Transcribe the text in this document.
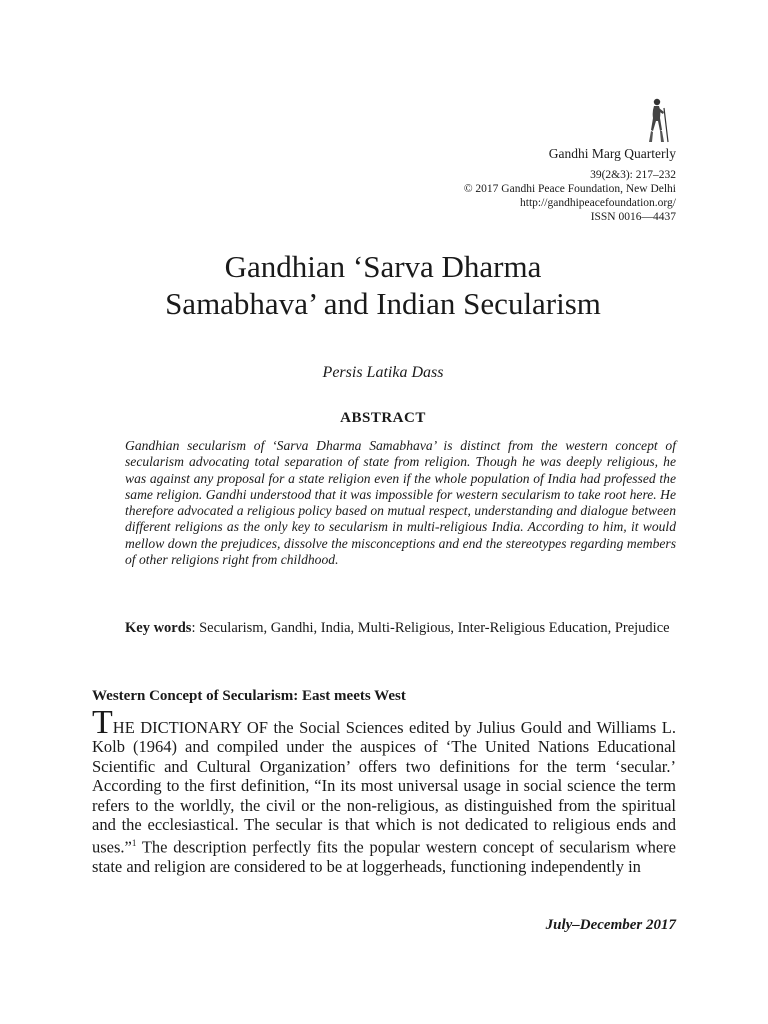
Gandhi Marg Quarterly
39(2&3): 217–232
© 2017 Gandhi Peace Foundation, New Delhi
http://gandhipeacefoundation.org/
ISSN 0016—4437
Gandhian ‘Sarva Dharma
Samabhava’ and Indian Secularism
Persis Latika Dass
ABSTRACT

Gandhian secularism of ‘Sarva Dharma Samabhava’ is distinct from the western concept of secularism advocating total separation of state from religion. Though he was deeply religious, he was against any proposal for a state religion even if the whole population of India had professed the same religion. Gandhi understood that it was impossible for western secularism to take root here. He therefore advocated a religious policy based on mutual respect, understanding and dialogue between different religions as the only key to secularism in multi-religious India. According to him, it would mellow down the prejudices, dissolve the misconceptions and end the stereotypes regarding members of other religions right from childhood.

Key words: Secularism, Gandhi, India, Multi-Religious, Inter-Religious Education, Prejudice

Western Concept of Secularism: East meets West

THE DICTIONARY OF the Social Sciences edited by Julius Gould and Williams L. Kolb (1964) and compiled under the auspices of ‘The United Nations Educational Scientific and Cultural Organization’ offers two definitions for the term ‘secular.’ According to the first definition, “In its most universal usage in social science the term refers to the worldly, the civil or the non-religious, as distinguished from the spiritual and the ecclesiastical. The secular is that which is not dedicated to religious ends and uses.”$^1$ The description perfectly fits the popular western concept of secularism where state and religion are considered to be at loggerheads, functioning independently in

July–December 2017
